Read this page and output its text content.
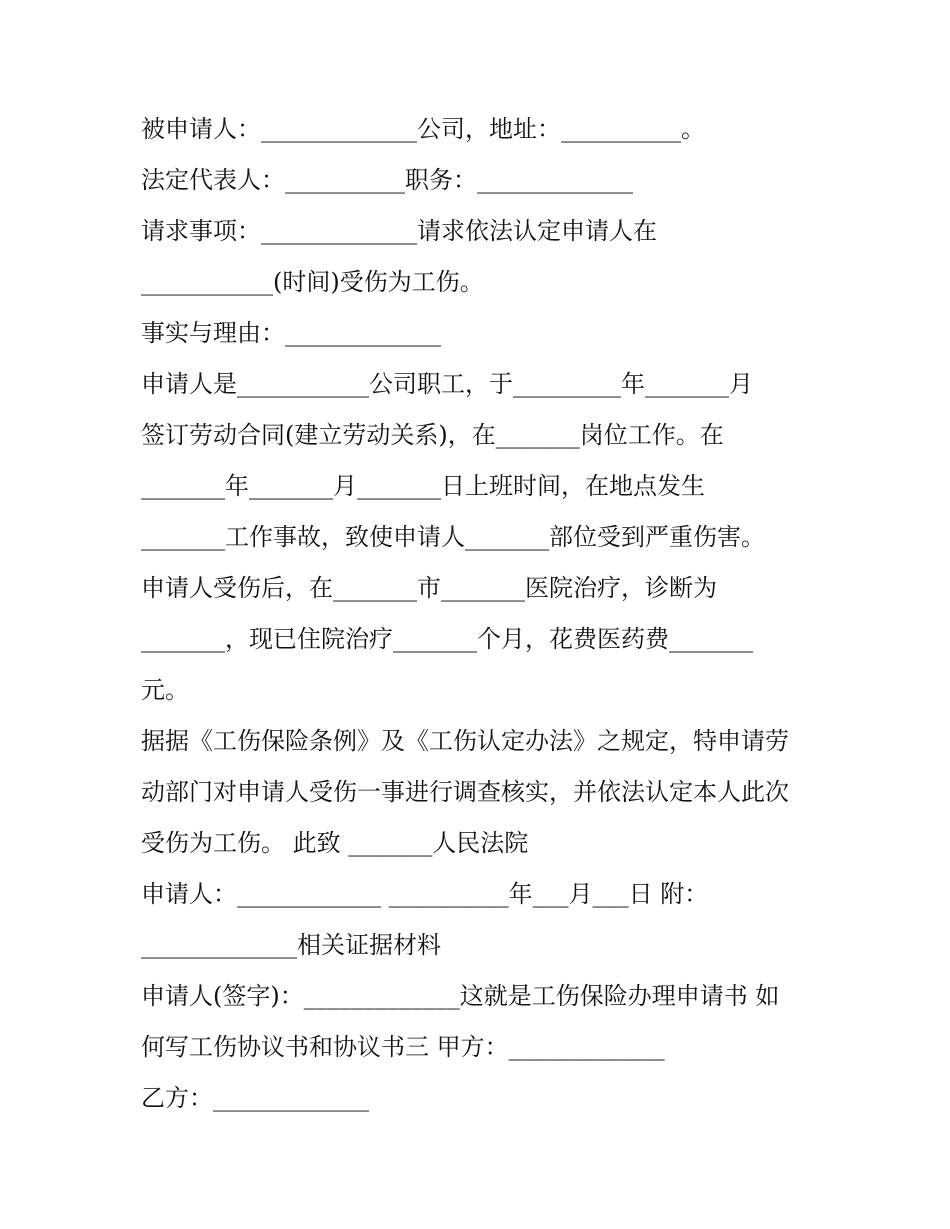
被申请人：_____________公司，地址：__________。
法定代表人：__________职务：_____________
请求事项：_____________请求依法认定申请人在
___________(时间)受伤为工伤。
事实与理由：_____________
申请人是___________公司职工，于_________年_______月
签订劳动合同(建立劳动关系)，在_______岗位工作。在
_______年_______月_______日上班时间，在地点发生
_______工作事故，致使申请人_______部位受到严重伤害。
申请人受伤后，在_______市_______医院治疗，诊断为
_______，现已住院治疗_______个月，花费医药费_______
元。
据据《工伤保险条例》及《工伤认定办法》之规定，特申请劳
动部门对申请人受伤一事进行调查核实，并依法认定本人此次
受伤为工伤。 此致 _______人民法院
申请人：____________ __________年___月___日 附：
_____________相关证据材料
申请人(签字)：_____________这就是工伤保险办理申请书 如
何写工伤协议书和协议书三 甲方：_____________
乙方：_____________
